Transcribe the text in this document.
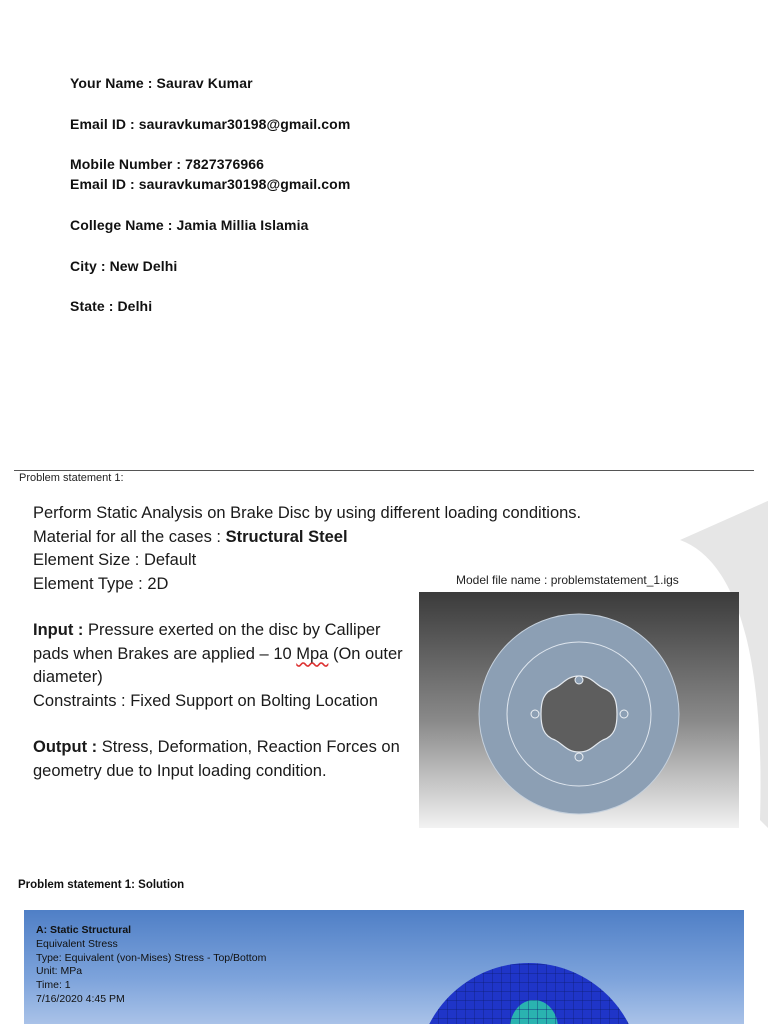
Your Name : Saurav Kumar
Email ID : sauravkumar30198@gmail.com
Mobile Number : 7827376966
Email ID : sauravkumar30198@gmail.com
College Name : Jamia Millia Islamia
City : New Delhi
State : Delhi
Problem statement 1:
Perform Static Analysis on Brake Disc by using different loading conditions.
Material for all the cases : Structural Steel
Element Size : Default
Element Type : 2D
Input : Pressure exerted on the disc by Calliper pads when Brakes are applied – 10 Mpa (On outer diameter)
Constraints : Fixed Support on Bolting Location
Output : Stress, Deformation, Reaction Forces on geometry due to Input loading condition.
Model file name : problemstatement_1.igs
Problem statement 1: Solution
A: Static Structural
Equivalent Stress
Type: Equivalent (von-Mises) Stress - Top/Bottom
Unit: MPa
Time: 1
7/16/2020 4:45 PM
